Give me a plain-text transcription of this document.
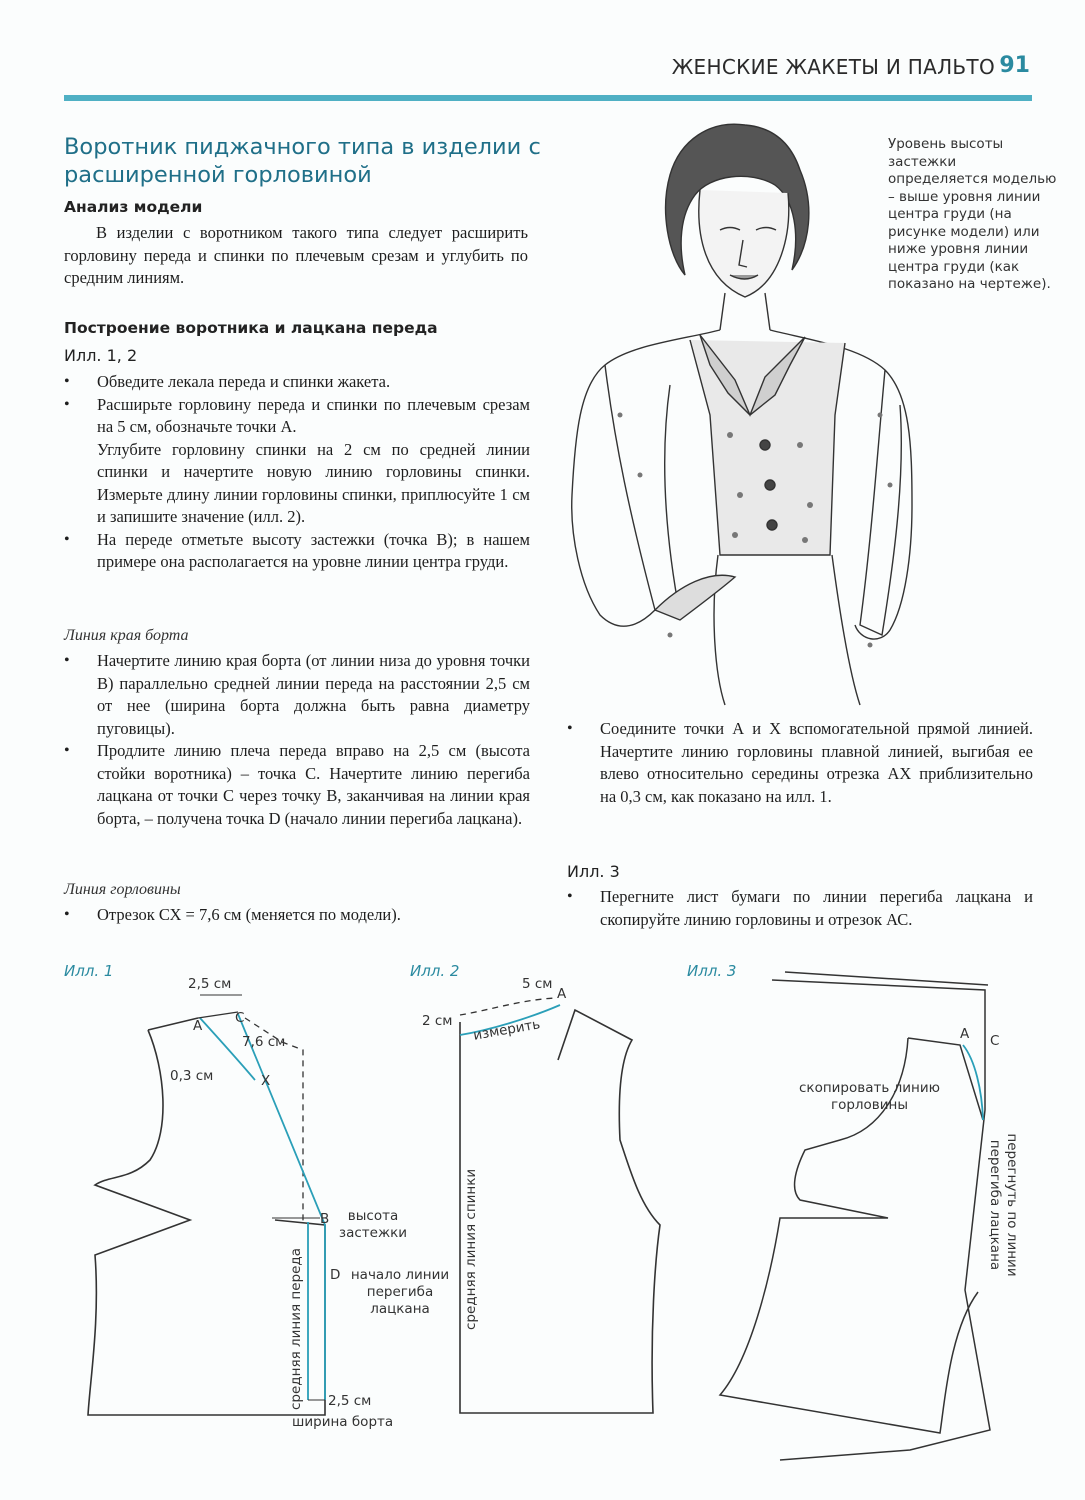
ЖЕНСКИЕ ЖАКЕТЫ И ПАЛЬТО 91
Воротник пиджачного типа в изделии с расширенной горловиной
Анализ модели
В изделии с воротником такого типа следует расширить горловину переда и спинки по плечевым срезам и углубить по средним линиям.
Построение воротника и лацкана переда
Илл. 1, 2
• Обведите лекала переда и спинки жакета.
• Расширьте горловину переда и спинки по плечевым срезам на 5 см, обозначьте точки А.
Углубите горловину спинки на 2 см по средней линии спинки и начертите новую линию горловины спинки. Измерьте длину линии горловины спинки, приплюсуйте 1 см и запишите значение (илл. 2).
• На переде отметьте высоту застежки (точка В); в нашем примере она располагается на уровне линии центра груди.
Линия края борта
• Начертите линию края борта (от линии низа до уровня точки В) параллельно средней линии переда на расстоянии 2,5 см от нее (ширина борта должна быть равна диаметру пуговицы).
• Продлите линию плеча переда вправо на 2,5 см (высота стойки воротника) – точка С. Начертите линию перегиба лацкана от точки С через точку В, заканчивая на линии края борта, – получена точка D (начало линии перегиба лацкана).
Линия горловины
• Отрезок СХ = 7,6 см (меняется по модели).
• Соедините точки А и Х вспомогательной прямой линией. Начертите линию горловины плавной линией, выгибая ее влево относительно середины отрезка АХ приблизительно на 0,3 см, как показано на илл. 1.
Илл. 3
• Перегните лист бумаги по линии перегиба лацкана и скопируйте линию горловины и отрезок АС.
Уровень высоты застежки определяется моделью – выше уровня линии центра груди (на рисунке модели) или ниже уровня линии центра груди (как показано на чертеже).
Илл. 1	Илл. 2	Илл. 3
2,5 см
A C
7,6 см
0,3 см	X
B	высота застежки
D начало линии перегиба лацкана
средняя линия переда 2,5 см
ширина борта
5 см
A
2 см измерить
средняя линия спинки
A C
скопировать линию горловины
перегнуть по линии перегиба лацкана
